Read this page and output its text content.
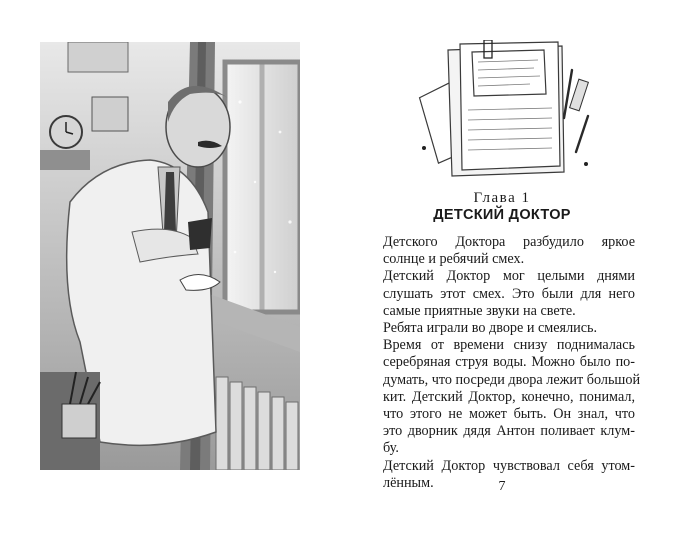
Глава 1
ДЕТСКИЙ ДОКТОР

Детского Доктора разбудило яркое
солнце и ребячий смех.

Детский Доктор мог целыми днями
слушать этот смех. Это были для него
самые приятные звуки на свете.

Ребята играли во дворе и смеялись.

Время от времени снизу поднималась
серебряная струя воды. Можно было по-
думать, что посреди двора лежит большой
кит. Детский Доктор, конечно, понимал,
что этого не может быть. Он знал, что
это дворник дядя Антон поливает клум-
бу.

Детский Доктор чувствовал себя утом-
лённым.	7
